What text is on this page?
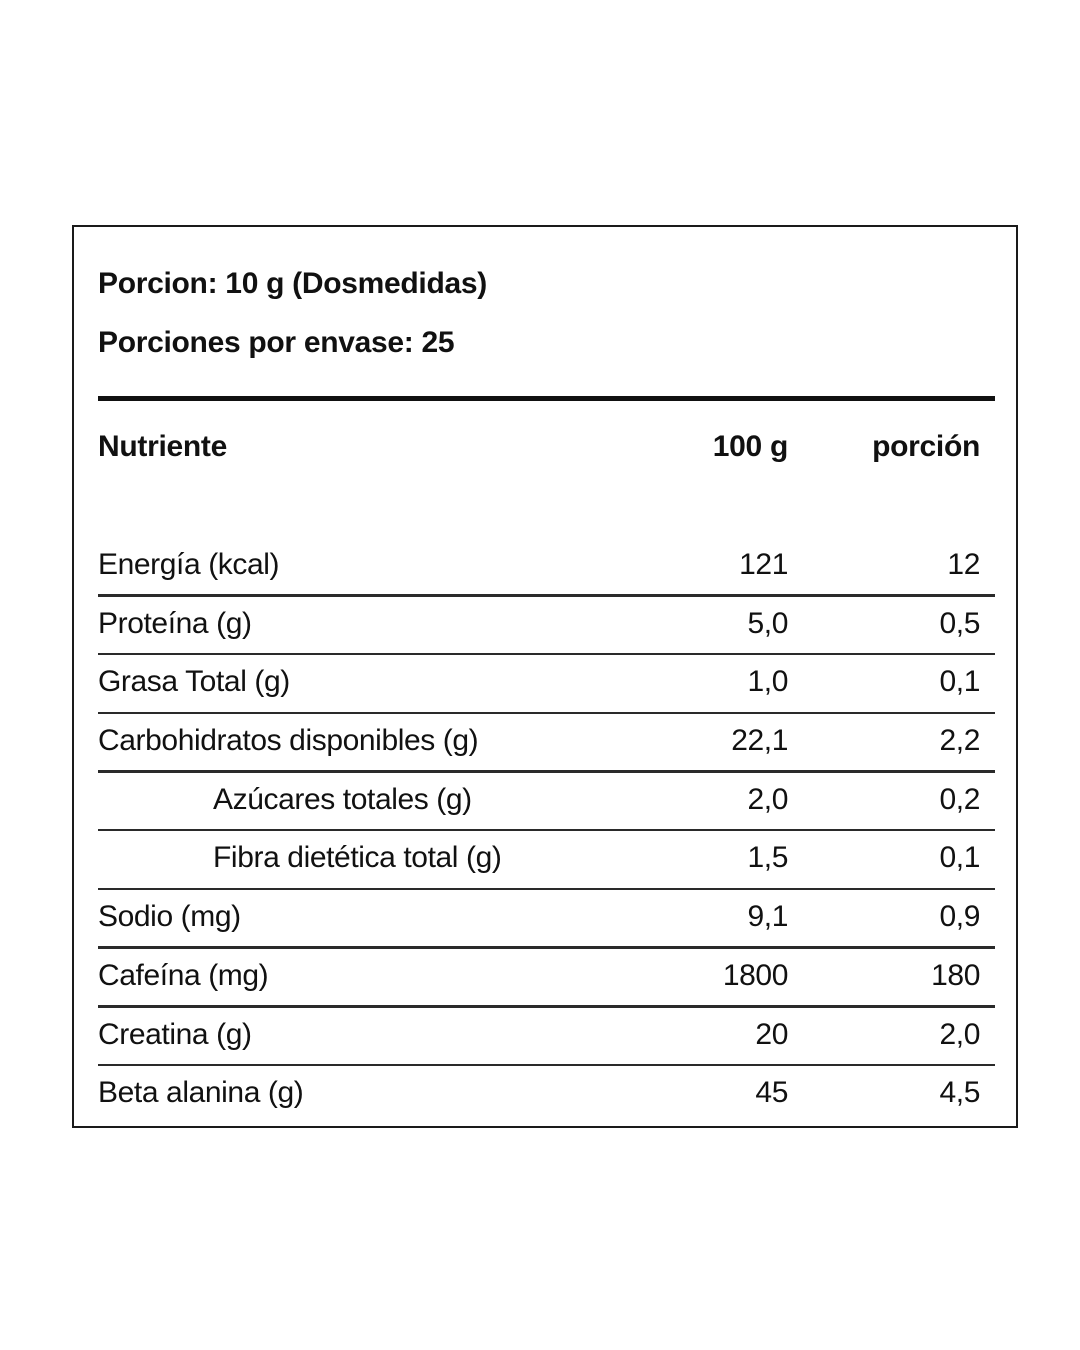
Porcion: 10 g (Dosmedidas)
Porciones por envase: 25
Nutriente	100 g	porción
Energía (kcal)	121	12
Proteína (g)	5,0	0,5
Grasa Total (g)	1,0	0,1
Carbohidratos disponibles (g)	22,1	2,2
Azúcares totales (g)	2,0	0,2
Fibra dietética total (g)	1,5	0,1
Sodio (mg)	9,1	0,9
Cafeína (mg)	1800	180
Creatina (g)	20	2,0
Beta alanina (g)	45	4,5
